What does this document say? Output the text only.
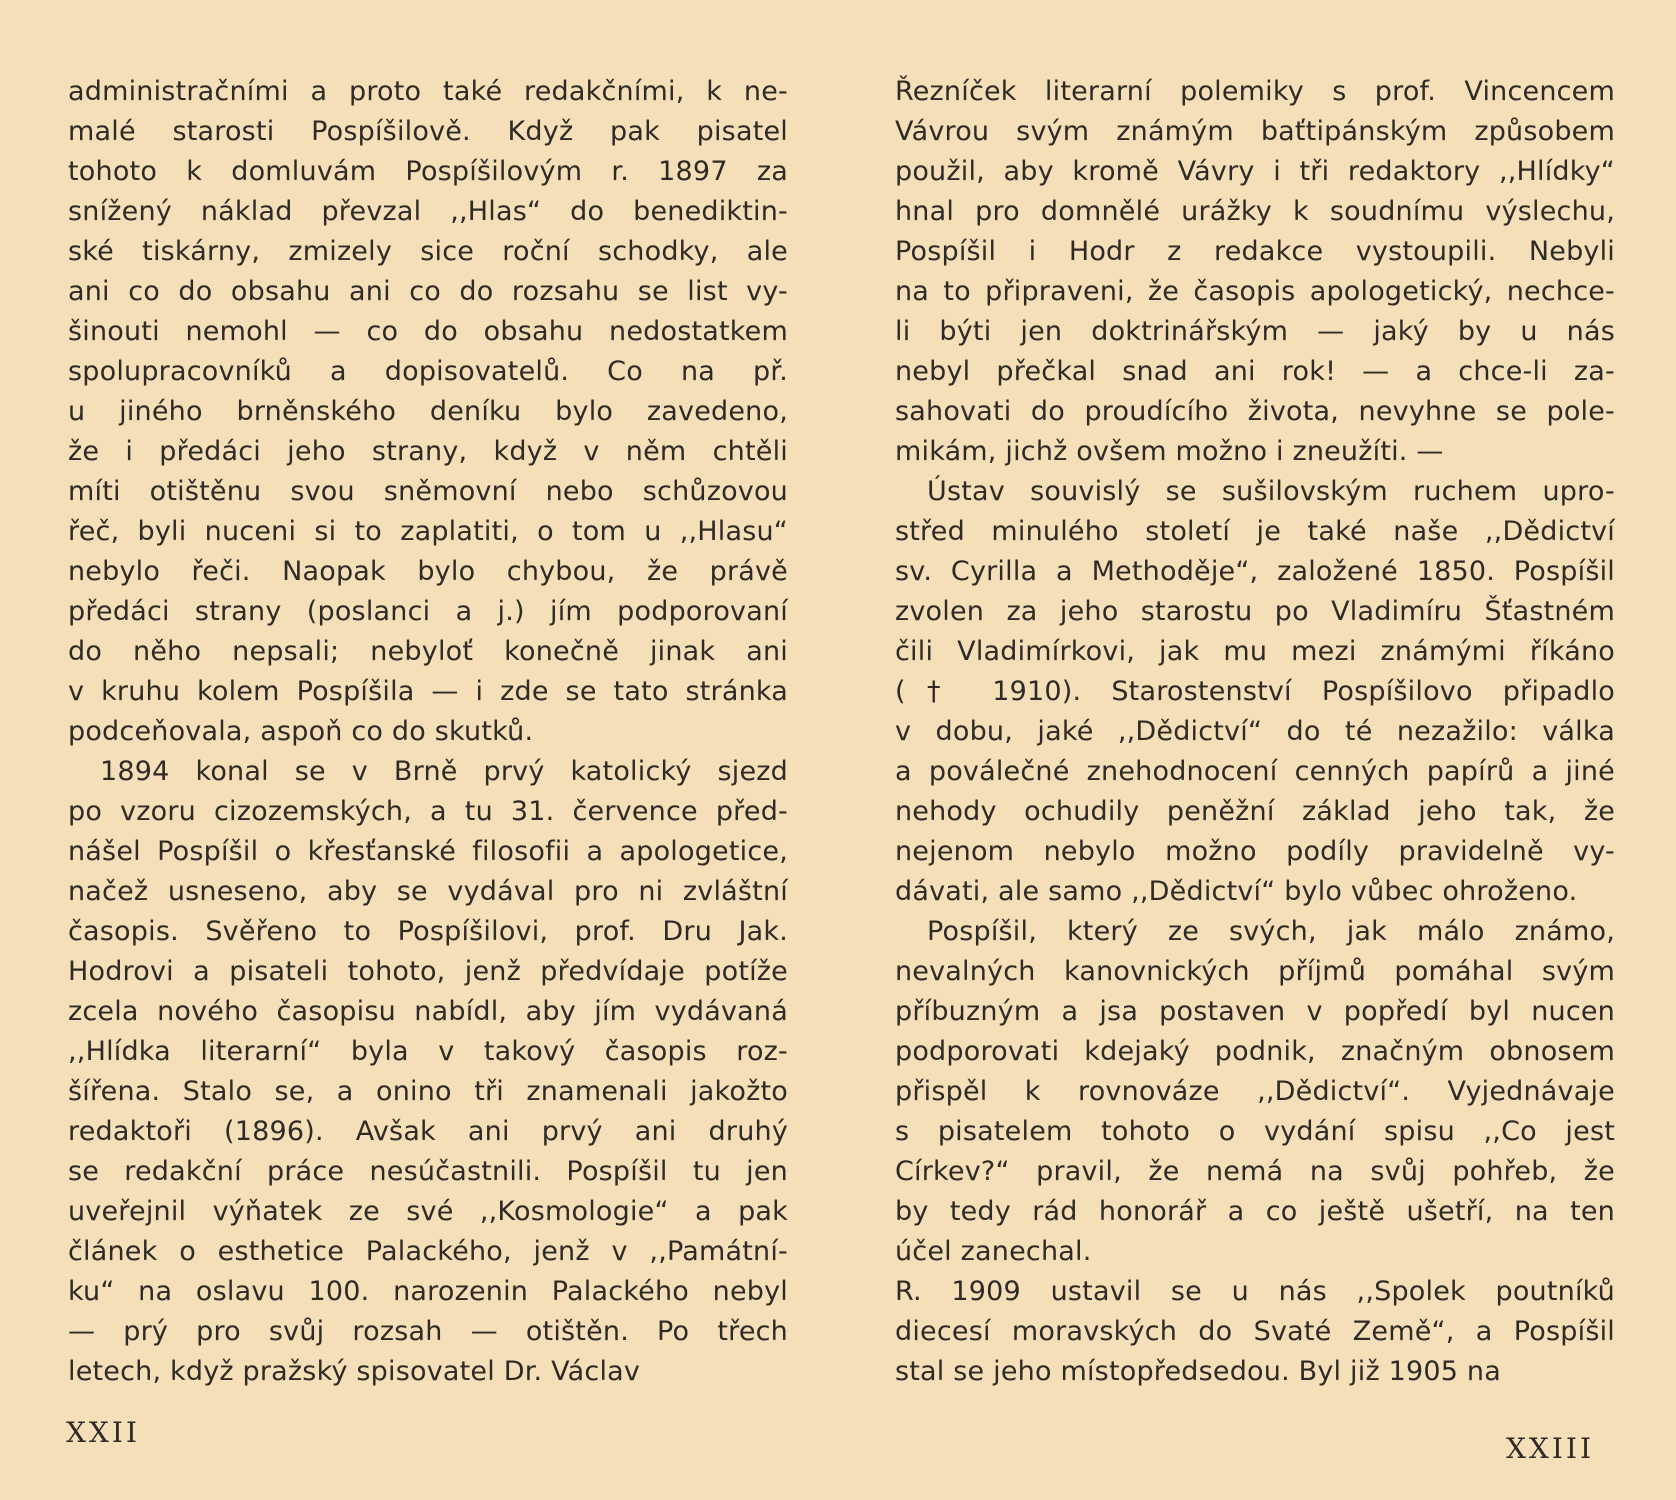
administračními a proto také redakčními, k ne-
malé starosti Pospíšilově. Když pak pisatel
tohoto k domluvám Pospíšilovým r. 1897 za
snížený náklad převzal ,,Hlas“ do benediktin-
ské tiskárny, zmizely sice roční schodky, ale
ani co do obsahu ani co do rozsahu se list vy-
šinouti nemohl — co do obsahu nedostatkem
spolupracovníků a dopisovatelů. Co na př.
u jiného brněnského deníku bylo zavedeno,
že i předáci jeho strany, když v něm chtěli
míti otištěnu svou sněmovní nebo schůzovou
řeč, byli nuceni si to zaplatiti, o tom u ,,Hlasu“
nebylo řeči. Naopak bylo chybou, že právě
předáci strany (poslanci a j.) jím podporovaní
do něho nepsali; nebyloť konečně jinak ani
v kruhu kolem Pospíšila — i zde se tato stránka
podceňovala, aspoň co do skutků.
1894 konal se v Brně prvý katolický sjezd
po vzoru cizozemských, a tu 31. července před-
nášel Pospíšil o křesťanské filosofii a apologetice,
načež usneseno, aby se vydával pro ni zvláštní
časopis. Svěřeno to Pospíšilovi, prof. Dru Jak.
Hodrovi a pisateli tohoto, jenž předvídaje potíže
zcela nového časopisu nabídl, aby jím vydávaná
,,Hlídka literarní“ byla v takový časopis roz-
šířena. Stalo se, a onino tři znamenali jakožto
redaktoři (1896). Avšak ani prvý ani druhý
se redakční práce nesúčastnili. Pospíšil tu jen
uveřejnil výňatek ze své ,,Kosmologie“ a pak
článek o esthetice Palackého, jenž v ,,Památní-
ku“ na oslavu 100. narozenin Palackého nebyl
— prý pro svůj rozsah — otištěn. Po třech
letech, když pražský spisovatel Dr. Václav
XXII
Řezníček literarní polemiky s prof. Vincencem
Vávrou svým známým baťtipánským způsobem
použil, aby kromě Vávry i tři redaktory ,,Hlídky“
hnal pro domnělé urážky k soudnímu výslechu,
Pospíšil i Hodr z redakce vystoupili. Nebyli
na to připraveni, že časopis apologetický, nechce-
li býti jen doktrinářským — jaký by u nás
nebyl přečkal snad ani rok! — a chce-li za-
sahovati do proudícího života, nevyhne se pole-
mikám, jichž ovšem možno i zneužíti. —
Ústav souvislý se sušilovským ruchem upro-
střed minulého století je také naše ,,Dědictví
sv. Cyrilla a Methoděje“, založené 1850. Pospíšil
zvolen za jeho starostu po Vladimíru Šťastném
čili Vladimírkovi, jak mu mezi známými říkáno
(† 1910). Starostenství Pospíšilovo připadlo
v dobu, jaké ,,Dědictví“ do té nezažilo: válka
a poválečné znehodnocení cenných papírů a jiné
nehody ochudily peněžní základ jeho tak, že
nejenom nebylo možno podíly pravidelně vy-
dávati, ale samo ,,Dědictví“ bylo vůbec ohroženo.
Pospíšil, který ze svých, jak málo známo,
nevalných kanovnických příjmů pomáhal svým
příbuzným a jsa postaven v popředí byl nucen
podporovati kdejaký podnik, značným obnosem
přispěl k rovnováze ,,Dědictví“. Vyjednávaje
s pisatelem tohoto o vydání spisu ,,Co jest
Církev?“ pravil, že nemá na svůj pohřeb, že
by tedy rád honorář a co ještě ušetří, na ten
účel zanechal.
R. 1909 ustavil se u nás ,,Spolek poutníků
diecesí moravských do Svaté Země“, a Pospíšil
stal se jeho místopředsedou. Byl již 1905 na
XXIII
